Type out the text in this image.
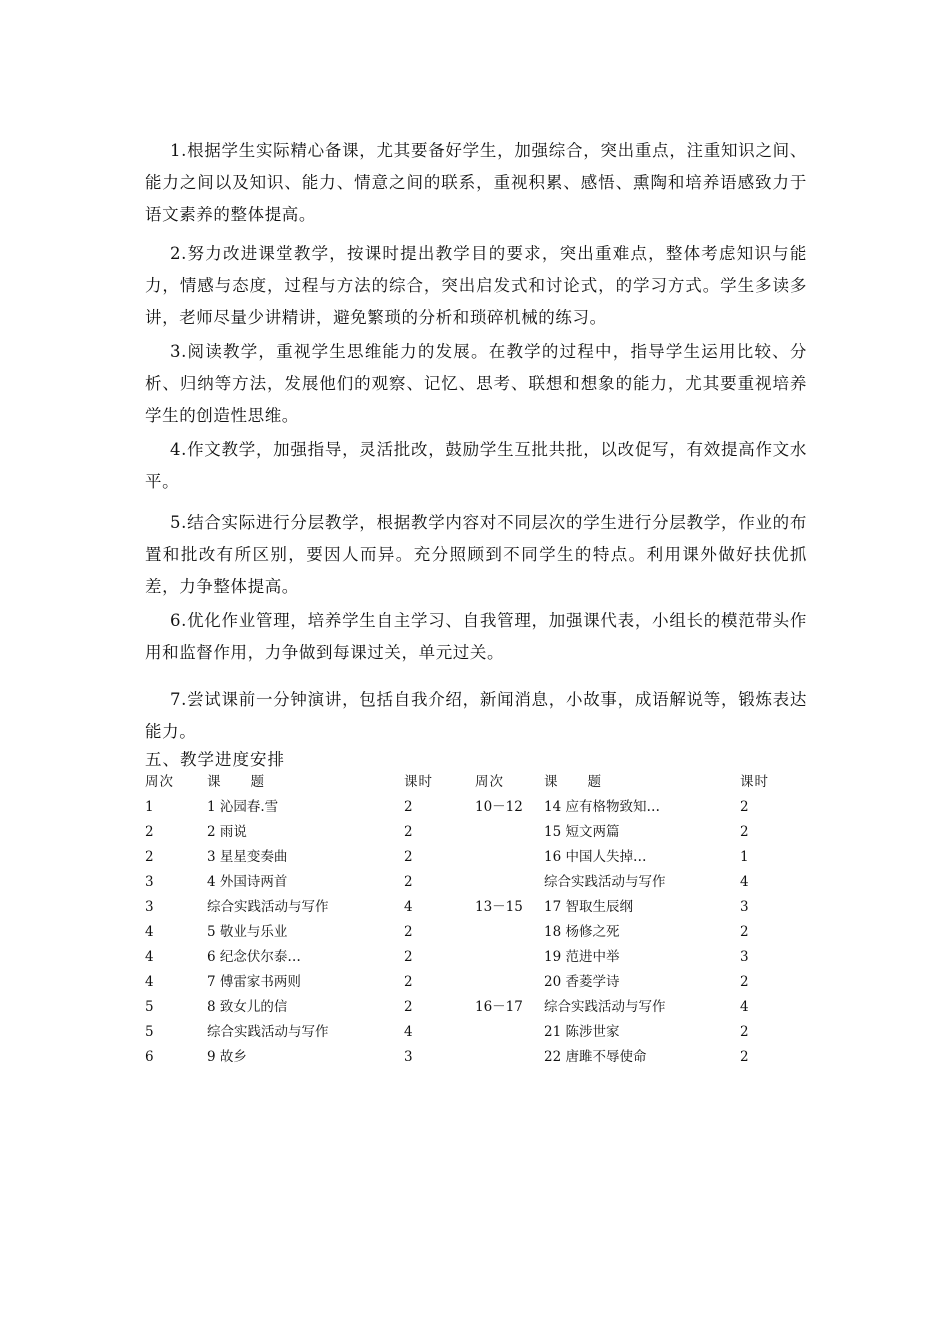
1.根据学生实际精心备课，尤其要备好学生，加强综合，突出重点，注重知识之间、能力之间以及知识、能力、情意之间的联系，重视积累、感悟、熏陶和培养语感致力于语文素养的整体提高。

2.努力改进课堂教学，按课时提出教学目的要求，突出重难点，整体考虑知识与能力，情感与态度，过程与方法的综合，突出启发式和讨论式，的学习方式。学生多读多讲，老师尽量少讲精讲，避免繁琐的分析和琐碎机械的练习。

3.阅读教学，重视学生思维能力的发展。在教学的过程中，指导学生运用比较、分析、归纳等方法，发展他们的观察、记忆、思考、联想和想象的能力，尤其要重视培养学生的创造性思维。

4.作文教学，加强指导，灵活批改，鼓励学生互批共批，以改促写，有效提高作文水平。

5.结合实际进行分层教学，根据教学内容对不同层次的学生进行分层教学，作业的布置和批改有所区别，要因人而异。充分照顾到不同学生的特点。利用课外做好扶优抓差，力争整体提高。

6.优化作业管理，培养学生自主学习、自我管理，加强课代表，小组长的模范带头作用和监督作用，力争做到每课过关，单元过关。

7.尝试课前一分钟演讲，包括自我介绍，新闻消息，小故事，成语解说等，锻炼表达能力。

五、教学进度安排
周次 课　　题	课时	周次	课　　题	课时
1	1 沁园春.雪	2	10－12 14 应有格物致知…	2
2	2 雨说	2	15 短文两篇	2
2	3 星星变奏曲	2	16 中国人失掉…	1
3	4 外国诗两首	2	综合实践活动与写作	4
3	综合实践活动与写作	4	13－15 17 智取生辰纲	3
4	5 敬业与乐业	2	18 杨修之死	2
4	6 纪念伏尔泰…	2	19 范进中举	3
4	7 傅雷家书两则	2	20 香菱学诗	2
5	8 致女儿的信	2	16－17 综合实践活动与写作	4
5	综合实践活动与写作	4	21 陈涉世家	2
6	9 故乡	3	22 唐雎不辱使命	2
